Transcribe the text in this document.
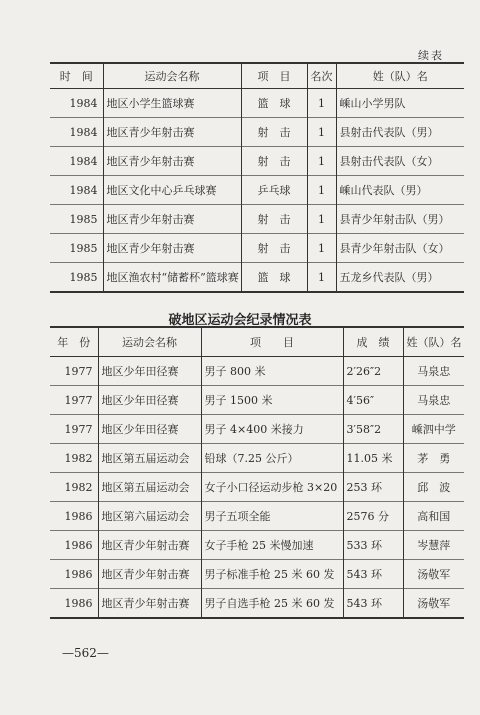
续表
时　间	运动会名称	项　目	名次	姓（队）名
1984	地区小学生篮球赛	篮　球	1	嵊山小学男队
1984	地区青少年射击赛	射　击	1	县射击代表队（男）
1984	地区青少年射击赛	射　击	1	县射击代表队（女）
1984	地区文化中心乒乓球赛	乒乓球	1	嵊山代表队（男）
1985	地区青少年射击赛	射　击	1	县青少年射击队（男）
1985	地区青少年射击赛	射　击	1	县青少年射击队（女）
1985	地区渔农村“储蓄杯”篮球赛	篮　球	1	五龙乡代表队（男）
破地区运动会纪录情况表
年　份	运动会名称	项　　目	成　绩	姓（队）名
1977	地区少年田径赛	男子 800 米	2′26″2	马泉忠
1977	地区少年田径赛	男子 1500 米	4′56″	马泉忠
1977	地区少年田径赛	男子 4×400 米接力	3′58″2	嵊泗中学
1982	地区第五届运动会	铅球（7.25 公斤）	11.05 米	茅　勇
1982	地区第五届运动会	女子小口径运动步枪 3×20	253 环	邱　波
1986	地区第六届运动会	男子五项全能	2576 分	高和国
1986	地区青少年射击赛	女子手枪 25 米慢加速	533 环	岑慧萍
1986	地区青少年射击赛	男子标准手枪 25 米 60 发	543 环	汤敬军
1986	地区青少年射击赛	男子自选手枪 25 米 60 发	543 环	汤敬军
—562—
